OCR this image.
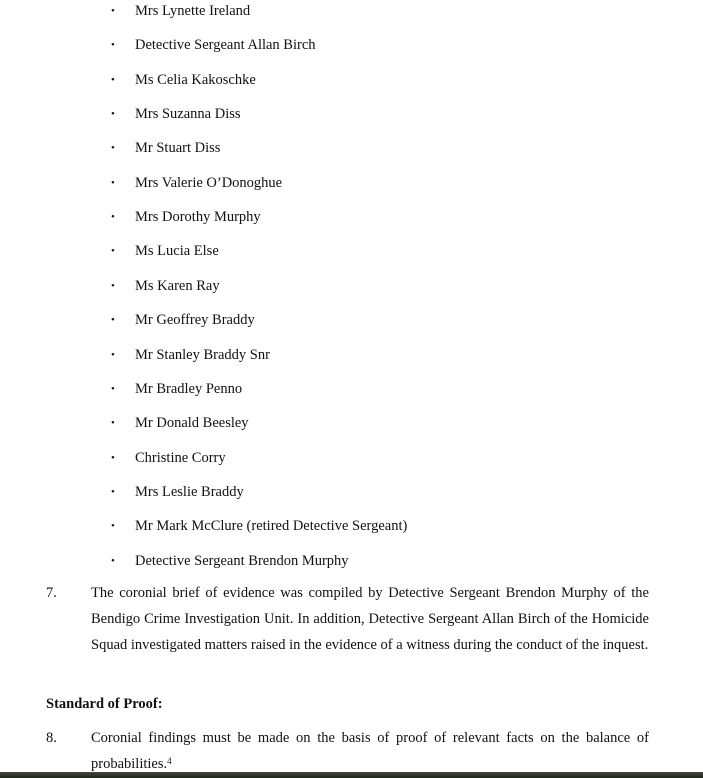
• Mrs Lynette Ireland
• Detective Sergeant Allan Birch
• Ms Celia Kakoschke
• Mrs Suzanna Diss
• Mr Stuart Diss
• Mrs Valerie O’Donoghue
• Mrs Dorothy Murphy
• Ms Lucia Else
• Ms Karen Ray
• Mr Geoffrey Braddy
• Mr Stanley Braddy Snr
• Mr Bradley Penno
• Mr Donald Beesley
• Christine Corry
• Mrs Leslie Braddy
• Mr Mark McClure (retired Detective Sergeant)
• Detective Sergeant Brendon Murphy
7. The coronial brief of evidence was compiled by Detective Sergeant Brendon Murphy of the Bendigo Crime Investigation Unit. In addition, Detective Sergeant Allan Birch of the Homicide Squad investigated matters raised in the evidence of a witness during the conduct of the inquest.
Standard of Proof:
8. Coronial findings must be made on the basis of proof of relevant facts on the balance of probabilities.$^4$
